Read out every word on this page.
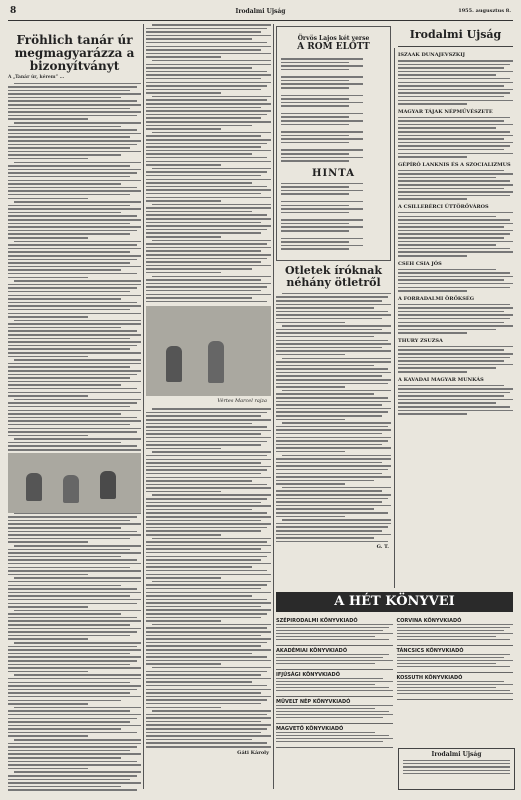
8	Irodalmi Ujság	1955. augusztus 8.
Fröhlich tanár úr megmagyarázza a bizonyítványt
A „Tanár úr, kérem” ...
Vértes Marcel rajza
Gáti Károly
Irodalmi Ujság
Örvös Lajos két verse
A ROM ELŐTT
HINTA
Otletek íróknak néhány ötletről
G. T.
ISZAAK DUNAJEVSZKIJ
MAGYAR TÁJAK NÉPMŰVÉSZETE
GÉPÍRÓ LANKNIS ÉS A SZOCIALIZMUS
A CSILLEBÉRCI ÚTTÖRŐVÁROS
CSEH CSIA JÓS
A FORRADALMI ÖRÖKSÉG
THURY ZSUZSA
A KAVADAI MAGYAR MUNKÁS
A HÉT KÖNYVEI
SZÉPIRODALMI KÖNYVKIADÓ
AKADÉMIAI KÖNYVKIADÓ
IFJÚSÁGI KÖNYVKIADÓ
MŰVELT NÉP KÖNYVKIADÓ
MAGVETŐ KÖNYVKIADÓ
CORVINA KÖNYVKIADÓ
TÁNCSICS KÖNYVKIADÓ
KOSSUTH KÖNYVKIADÓ
Irodalmi Ujság
